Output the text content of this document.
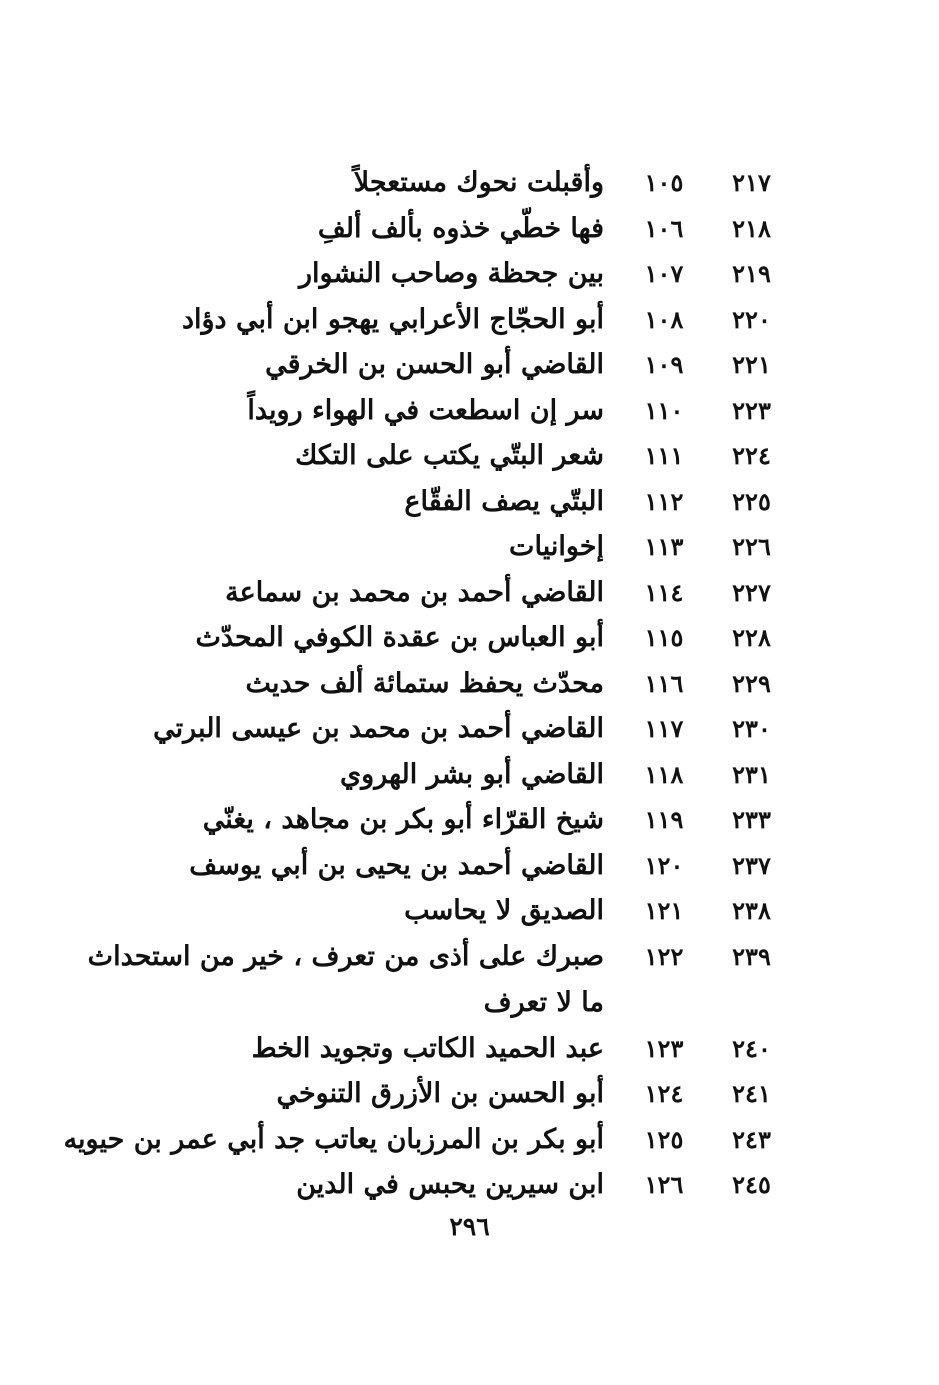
٢١٧
١٠٥
وأقبلت نحوك مستعجلاً
٢١٨
١٠٦
فها خطّي خذوه بألف ألفِ
٢١٩
١٠٧
بين جحظة وصاحب النشوار
٢٢٠
١٠٨
أبو الحجّاج الأعرابي يهجو ابن أبي دؤاد
٢٢١
١٠٩
القاضي أبو الحسن بن الخرقي
٢٢٣
١١٠
سر إن اسطعت في الهواء رويداً
٢٢٤
١١١
شعر البتّي يكتب على التكك
٢٢٥
١١٢
البتّي يصف الفقّاع
٢٢٦
١١٣
إخوانيات
٢٢٧
١١٤
القاضي أحمد بن محمد بن سماعة
٢٢٨
١١٥
أبو العباس بن عقدة الكوفي المحدّث
٢٢٩
١١٦
محدّث يحفظ ستمائة ألف حديث
٢٣٠
١١٧
القاضي أحمد بن محمد بن عيسى البرتي
٢٣١
١١٨
القاضي أبو بشر الهروي
٢٣٣
١١٩
شيخ القرّاء أبو بكر بن مجاهد ، يغنّي
٢٣٧
١٢٠
القاضي أحمد بن يحيى بن أبي يوسف
٢٣٨
١٢١
الصديق لا يحاسب
٢٣٩
١٢٢
صبرك على أذى من تعرف ، خير من استحداث ما لا تعرف
٢٤٠
١٢٣
عبد الحميد الكاتب وتجويد الخط
٢٤١
١٢٤
أبو الحسن بن الأزرق التنوخي
٢٤٣
١٢٥
أبو بكر بن المرزبان يعاتب جد أبي عمر بن حيويه
٢٤٥
١٢٦
ابن سيرين يحبس في الدين
٢٩٦
